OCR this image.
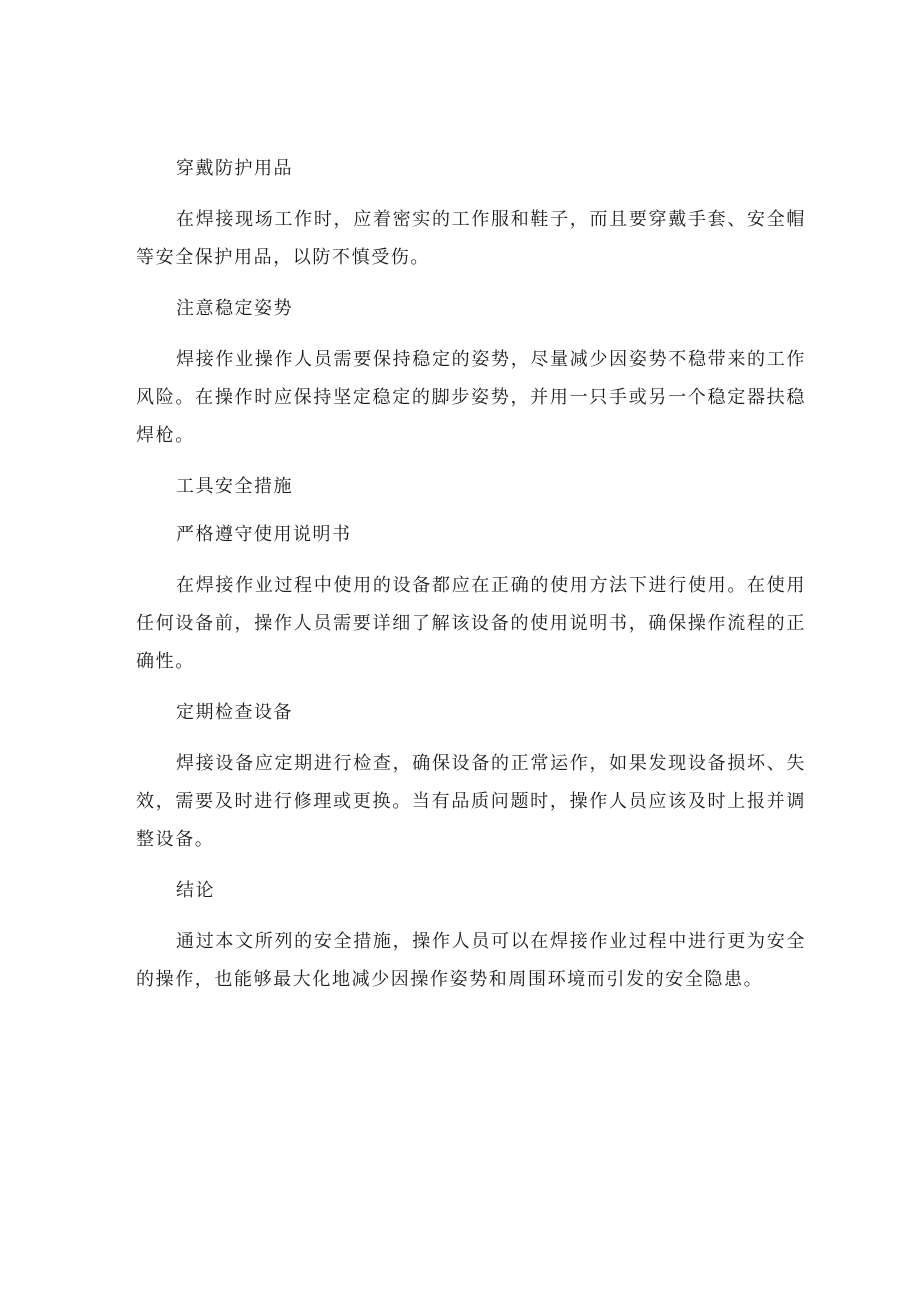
穿戴防护用品

在焊接现场工作时，应着密实的工作服和鞋子，而且要穿戴手套、安全帽等安全保护用品，以防不慎受伤。

注意稳定姿势

焊接作业操作人员需要保持稳定的姿势，尽量减少因姿势不稳带来的工作风险。在操作时应保持坚定稳定的脚步姿势，并用一只手或另一个稳定器扶稳焊枪。

工具安全措施

严格遵守使用说明书

在焊接作业过程中使用的设备都应在正确的使用方法下进行使用。在使用任何设备前，操作人员需要详细了解该设备的使用说明书，确保操作流程的正确性。

定期检查设备

焊接设备应定期进行检查，确保设备的正常运作，如果发现设备损坏、失效，需要及时进行修理或更换。当有品质问题时，操作人员应该及时上报并调整设备。

结论

通过本文所列的安全措施，操作人员可以在焊接作业过程中进行更为安全的操作，也能够最大化地减少因操作姿势和周围环境而引发的安全隐患。
